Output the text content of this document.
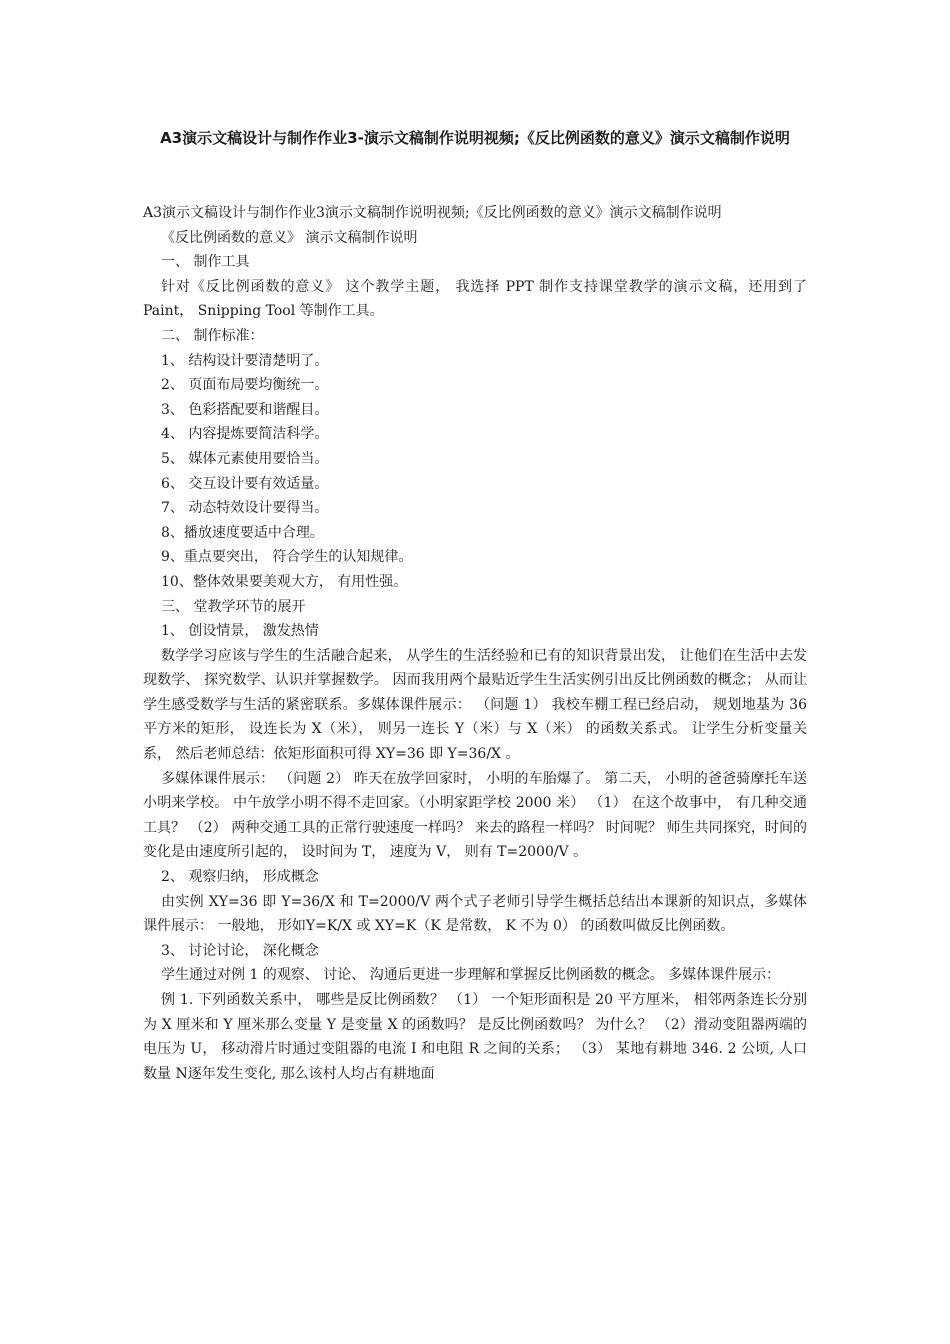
A3演示文稿设计与制作作业3-演示文稿制作说明视频;《反比例函数的意义》演示文稿制作说明

A3演示文稿设计与制作作业3演示文稿制作说明视频;《反比例函数的意义》演示文稿制作说明

《反比例函数的意义》 演示文稿制作说明

一、 制作工具

针对《反比例函数的意义》 这个教学主题， 我选择 PPT 制作支持课堂教学的演示文稿，还用到了 Paint， Snipping Tool 等制作工具。

二、 制作标准：

1、 结构设计要清楚明了。

2、 页面布局要均衡统一。

3、 色彩搭配要和谐醒目。

4、 内容提炼要简洁科学。

5、 媒体元素使用要恰当。

6、 交互设计要有效适量。

7、 动态特效设计要得当。

8、播放速度要适中合理。

9、重点要突出， 符合学生的认知规律。

10、整体效果要美观大方， 有用性强。

三、 堂教学环节的展开

1、 创设情景， 激发热情

数学学习应该与学生的生活融合起来， 从学生的生活经验和已有的知识背景出发， 让他们在生活中去发现数学、 探究数学、认识并掌握数学。 因而我用两个最贴近学生生活实例引出反比例函数的概念； 从而让学生感受数学与生活的紧密联系。多媒体课件展示： （问题 1） 我校车棚工程已经启动， 规划地基为 36 平方米的矩形， 设连长为 X（米）， 则另一连长 Y（米）与 X（米） 的函数关系式。 让学生分析变量关系， 然后老师总结：依矩形面积可得 XY=36 即 Y=36/X 。

多媒体课件展示： （问题 2） 昨天在放学回家时， 小明的车胎爆了。 第二天， 小明的爸爸骑摩托车送小明来学校。 中午放学小明不得不走回家。（小明家距学校 2000 米） （1） 在这个故事中， 有几种交通工具？ （2） 两种交通工具的正常行驶速度一样吗？ 来去的路程一样吗？ 时间呢？ 师生共同探究，时间的变化是由速度所引起的， 设时间为 T， 速度为 V， 则有 T=2000/V 。

2、 观察归纳， 形成概念

由实例 XY=36 即 Y=36/X 和 T=2000/V 两个式子老师引导学生概括总结出本课新的知识点，多媒体课件展示： 一般地， 形如Y=K/X 或 XY=K（K 是常数， K 不为 0） 的函数叫做反比例函数。

3、 讨论讨论， 深化概念

学生通过对例 1 的观察、 讨论、 沟通后更进一步理解和掌握反比例函数的概念。 多媒体课件展示：

例 1. 下列函数关系中， 哪些是反比例函数？ （1） 一个矩形面积是 20 平方厘米， 相邻两条连长分别为 X 厘米和 Y 厘米那么变量 Y 是变量 X 的函数吗？ 是反比例函数吗？ 为什么？ （2）滑动变阻器两端的电压为 U， 移动滑片时通过变阻器的电流 I 和电阻 R 之间的关系； （3） 某地有耕地 346. 2 公顷, 人口数量 N逐年发生变化, 那么该村人均占有耕地面
